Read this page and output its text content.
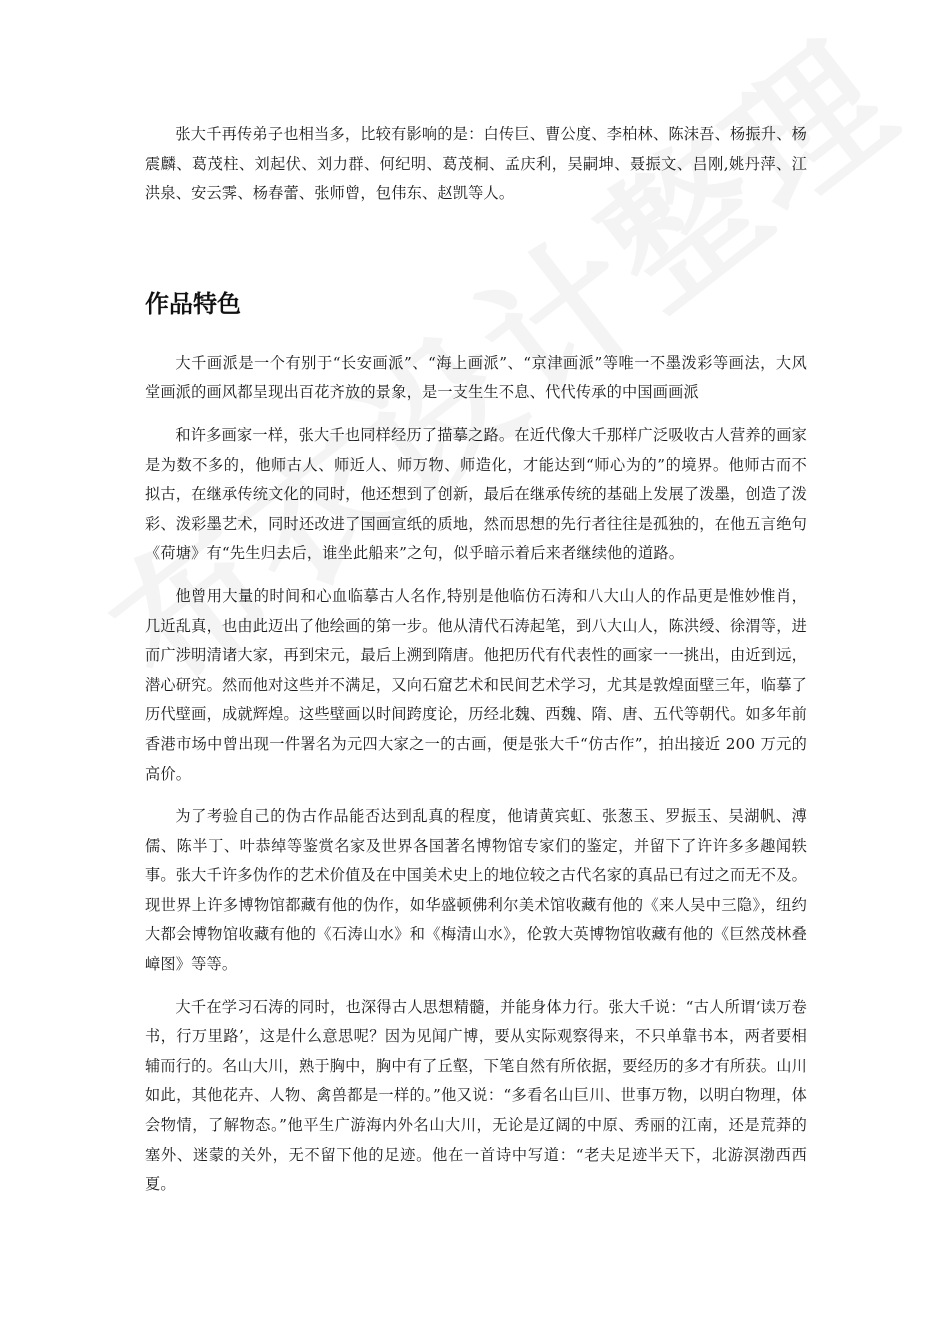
张大千再传弟子也相当多，比较有影响的是：白传巨、曹公度、李柏林、陈沫吾、杨振升、杨震麟、葛茂柱、刘起伏、刘力群、何纪明、葛茂桐、孟庆利，吴嗣坤、聂振文、吕刚,姚丹萍、江洪泉、安云霁、杨春蕾、张师曾，包伟东、赵凯等人。

作品特色

大千画派是一个有别于“长安画派”、“海上画派”、“京津画派”等唯一不墨泼彩等画法，大风堂画派的画风都呈现出百花齐放的景象，是一支生生不息、代代传承的中国画画派

和许多画家一样，张大千也同样经历了描摹之路。在近代像大千那样广泛吸收古人营养的画家是为数不多的，他师古人、师近人、师万物、师造化，才能达到“师心为的”的境界。他师古而不拟古，在继承传统文化的同时，他还想到了创新，最后在继承传统的基础上发展了泼墨，创造了泼彩、泼彩墨艺术，同时还改进了国画宣纸的质地，然而思想的先行者往往是孤独的，在他五言绝句《荷塘》有“先生归去后，谁坐此船来”之句，似乎暗示着后来者继续他的道路。

他曾用大量的时间和心血临摹古人名作,特别是他临仿石涛和八大山人的作品更是惟妙惟肖，几近乱真，也由此迈出了他绘画的第一步。他从清代石涛起笔，到八大山人，陈洪绶、徐渭等，进而广涉明清诸大家，再到宋元，最后上溯到隋唐。他把历代有代表性的画家一一挑出，由近到远，潜心研究。然而他对这些并不满足，又向石窟艺术和民间艺术学习，尤其是敦煌面壁三年，临摹了历代壁画，成就辉煌。这些壁画以时间跨度论，历经北魏、西魏、隋、唐、五代等朝代。如多年前香港市场中曾出现一件署名为元四大家之一的古画，便是张大千“仿古作”，拍出接近 200 万元的高价。

为了考验自己的伪古作品能否达到乱真的程度，他请黄宾虹、张葱玉、罗振玉、吴湖帆、溥儒、陈半丁、叶恭绰等鉴赏名家及世界各国著名博物馆专家们的鉴定，并留下了许许多多趣闻轶事。张大千许多伪作的艺术价值及在中国美术史上的地位较之古代名家的真品已有过之而无不及。现世界上许多博物馆都藏有他的伪作，如华盛顿佛利尔美术馆收藏有他的《来人吴中三隐》，纽约大都会博物馆收藏有他的《石涛山水》和《梅清山水》，伦敦大英博物馆收藏有他的《巨然茂林叠嶂图》等等。

大千在学习石涛的同时，也深得古人思想精髓，并能身体力行。张大千说：“古人所谓‘读万卷书，行万里路’，这是什么意思呢？因为见闻广博，要从实际观察得来，不只单靠书本，两者要相辅而行的。名山大川，熟于胸中，胸中有了丘壑，下笔自然有所依据，要经历的多才有所获。山川如此，其他花卉、人物、禽兽都是一样的。”他又说：“多看名山巨川、世事万物，以明白物理，体会物情，了解物态。”他平生广游海内外名山大川，无论是辽阔的中原、秀丽的江南，还是荒莽的塞外、迷蒙的关外，无不留下他的足迹。他在一首诗中写道：“老夫足迹半天下，北游溟渤西西夏。
